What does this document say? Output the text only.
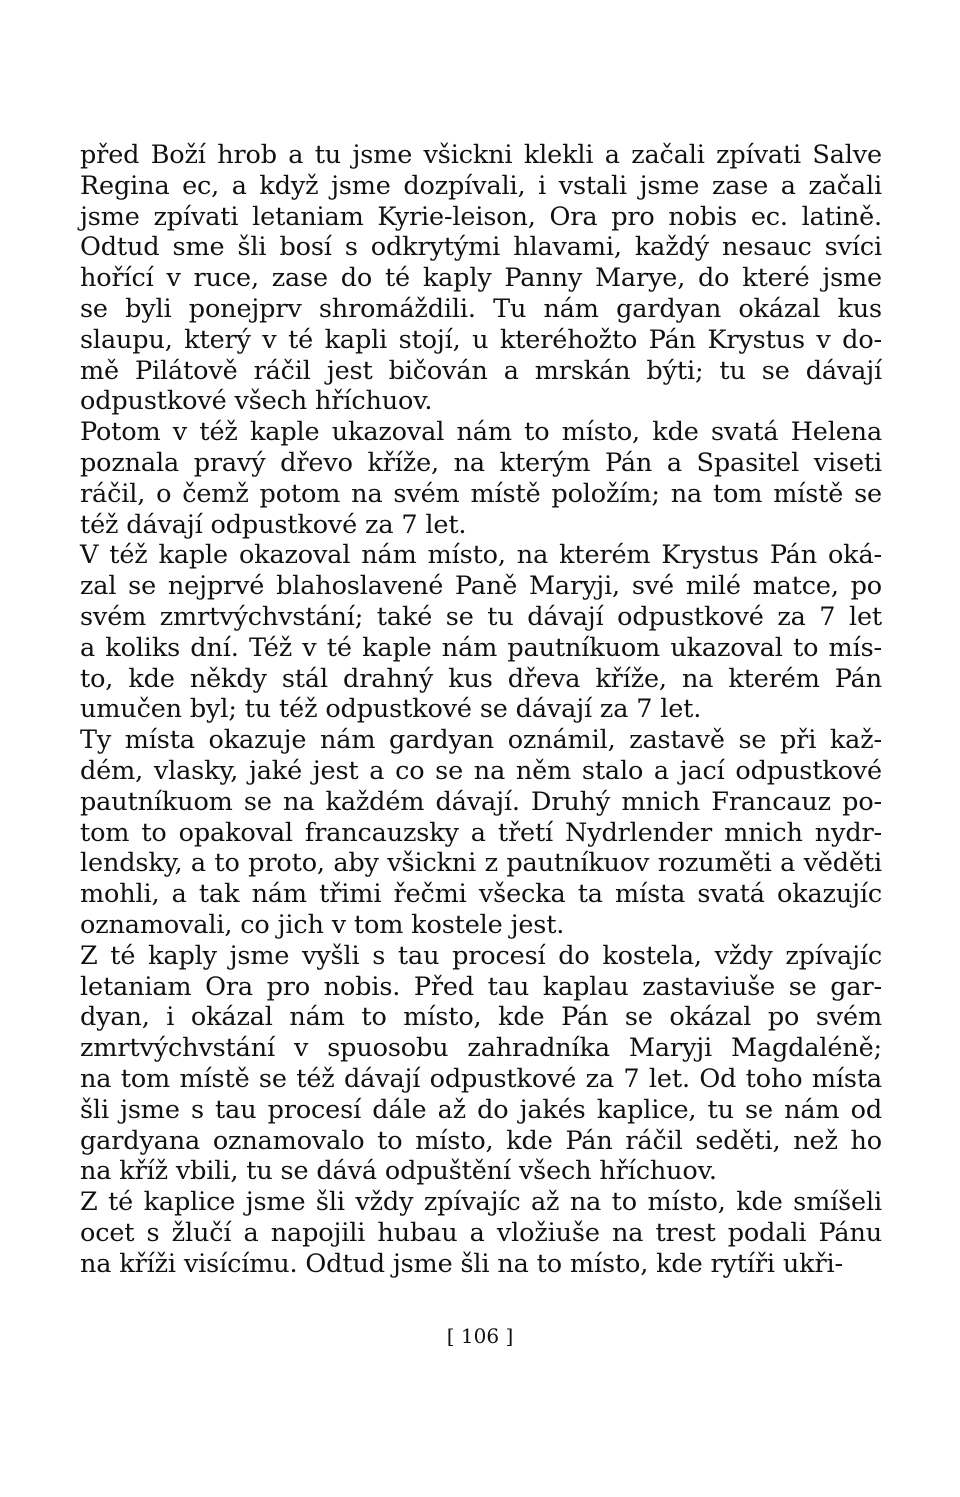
před Boží hrob a tu jsme všickni klekli a začali zpívati Salve
Regina ec, a když jsme dozpívali, i vstali jsme zase a začali
jsme zpívati letaniam Kyrie-leison, Ora pro nobis ec. latině.
Odtud sme šli bosí s odkrytými hlavami, každý nesauc svíci
hořící v ruce, zase do té kaply Panny Marye, do které jsme
se byli ponejprv shromáždili. Tu nám gardyan okázal kus
slaupu, který v té kapli stojí, u kteréhožto Pán Krystus v do-
mě Pilátově ráčil jest bičován a mrskán býti; tu se dávají
odpustkové všech hříchuov.

Potom v též kaple ukazoval nám to místo, kde svatá Helena
poznala pravý dřevo kříže, na kterým Pán a Spasitel viseti
ráčil, o čemž potom na svém místě položím; na tom místě se
též dávají odpustkové za 7 let.

V též kaple okazoval nám místo, na kterém Krystus Pán oká-
zal se nejprvé blahoslavené Paně Maryji, své milé matce, po
svém zmrtvýchvstání; také se tu dávají odpustkové za 7 let
a koliks dní. Též v té kaple nám pautníkuom ukazoval to mís-
to, kde někdy stál drahný kus dřeva kříže, na kterém Pán
umučen byl; tu též odpustkové se dávají za 7 let.

Ty místa okazuje nám gardyan oznámil, zastavě se při kaž-
dém, vlasky, jaké jest a co se na něm stalo a jací odpustkové
pautníkuom se na každém dávají. Druhý mnich Francauz po-
tom to opakoval francauzsky a třetí Nydrlender mnich nydr-
lendsky, a to proto, aby všickni z pautníkuov rozuměti a věděti
mohli, a tak nám třimi řečmi všecka ta místa svatá okazujíc
oznamovali, co jich v tom kostele jest.

Z té kaply jsme vyšli s tau procesí do kostela, vždy zpívajíc
letaniam Ora pro nobis. Před tau kaplau zastaviuše se gar-
dyan, i okázal nám to místo, kde Pán se okázal po svém
zmrtvýchvstání v spuosobu zahradníka Maryji Magdaléně;
na tom místě se též dávají odpustkové za 7 let. Od toho místa
šli jsme s tau procesí dále až do jakés kaplice, tu se nám od
gardyana oznamovalo to místo, kde Pán ráčil seděti, než ho
na kříž vbili, tu se dává odpuštění všech hříchuov.

Z té kaplice jsme šli vždy zpívajíc až na to místo, kde smíšeli
ocet s žlučí a napojili hubau a vložiuše na trest podali Pánu
na kříži visícímu. Odtud jsme šli na to místo, kde rytíři ukři-

[ 106 ]
